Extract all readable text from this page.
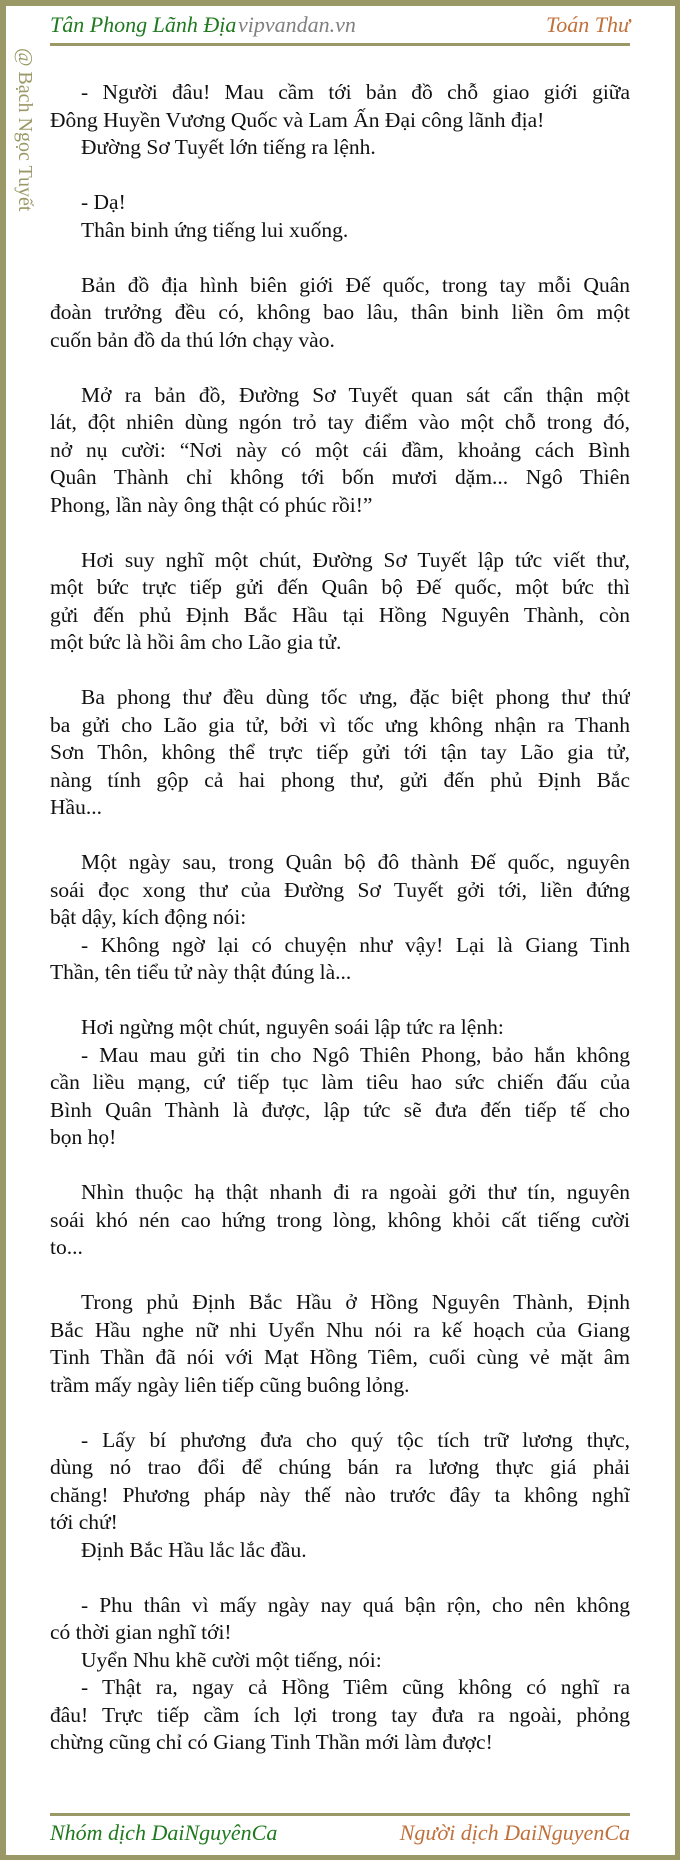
Tân Phong Lãnh Địa vipvandan.vn	Toán Thư
@ Bạch Ngọc Tuyết	- Người đâu! Mau cầm tới bản đồ chỗ giao giới giữa
Đông Huyền Vương Quốc và Lam Ấn Đại công lãnh địa!
Đường Sơ Tuyết lớn tiếng ra lệnh.
- Dạ!
Thân binh ứng tiếng lui xuống.
Bản đồ địa hình biên giới Đế quốc, trong tay mỗi Quân
đoàn trưởng đều có, không bao lâu, thân binh liền ôm một
cuốn bản đồ da thú lớn chạy vào.
Mở ra bản đồ, Đường Sơ Tuyết quan sát cẩn thận một
lát, đột nhiên dùng ngón trỏ tay điểm vào một chỗ trong đó,
nở nụ cười: “Nơi này có một cái đầm, khoảng cách Bình
Quân Thành chỉ không tới bốn mươi dặm... Ngô Thiên
Phong, lần này ông thật có phúc rồi!”
Hơi suy nghĩ một chút, Đường Sơ Tuyết lập tức viết thư,
một bức trực tiếp gửi đến Quân bộ Đế quốc, một bức thì
gửi đến phủ Định Bắc Hầu tại Hồng Nguyên Thành, còn
một bức là hồi âm cho Lão gia tử.
Ba phong thư đều dùng tốc ưng, đặc biệt phong thư thứ
ba gửi cho Lão gia tử, bởi vì tốc ưng không nhận ra Thanh
Sơn Thôn, không thể trực tiếp gửi tới tận tay Lão gia tử,
nàng tính gộp cả hai phong thư, gửi đến phủ Định Bắc
Hầu...
Một ngày sau, trong Quân bộ đô thành Đế quốc, nguyên
soái đọc xong thư của Đường Sơ Tuyết gởi tới, liền đứng
bật dậy, kích động nói:
- Không ngờ lại có chuyện như vậy! Lại là Giang Tinh
Thần, tên tiểu tử này thật đúng là...
Hơi ngừng một chút, nguyên soái lập tức ra lệnh:
- Mau mau gửi tin cho Ngô Thiên Phong, bảo hắn không
cần liều mạng, cứ tiếp tục làm tiêu hao sức chiến đấu của
Bình Quân Thành là được, lập tức sẽ đưa đến tiếp tế cho
bọn họ!
Nhìn thuộc hạ thật nhanh đi ra ngoài gởi thư tín, nguyên
soái khó nén cao hứng trong lòng, không khỏi cất tiếng cười
to...
Trong phủ Định Bắc Hầu ở Hồng Nguyên Thành, Định
Bắc Hầu nghe nữ nhi Uyển Nhu nói ra kế hoạch của Giang
Tinh Thần đã nói với Mạt Hồng Tiêm, cuối cùng vẻ mặt âm
trầm mấy ngày liên tiếp cũng buông lỏng.
- Lấy bí phương đưa cho quý tộc tích trữ lương thực,
dùng nó trao đổi để chúng bán ra lương thực giá phải
chăng! Phương pháp này thế nào trước đây ta không nghĩ
tới chứ!
Định Bắc Hầu lắc lắc đầu.
- Phu thân vì mấy ngày nay quá bận rộn, cho nên không
có thời gian nghĩ tới!
Uyển Nhu khẽ cười một tiếng, nói:
- Thật ra, ngay cả Hồng Tiêm cũng không có nghĩ ra
đâu! Trực tiếp cầm ích lợi trong tay đưa ra ngoài, phỏng
chừng cũng chỉ có Giang Tinh Thần mới làm được!
Nhóm dịch DaiNguyênCa	Người dịch DaiNguyenCa
